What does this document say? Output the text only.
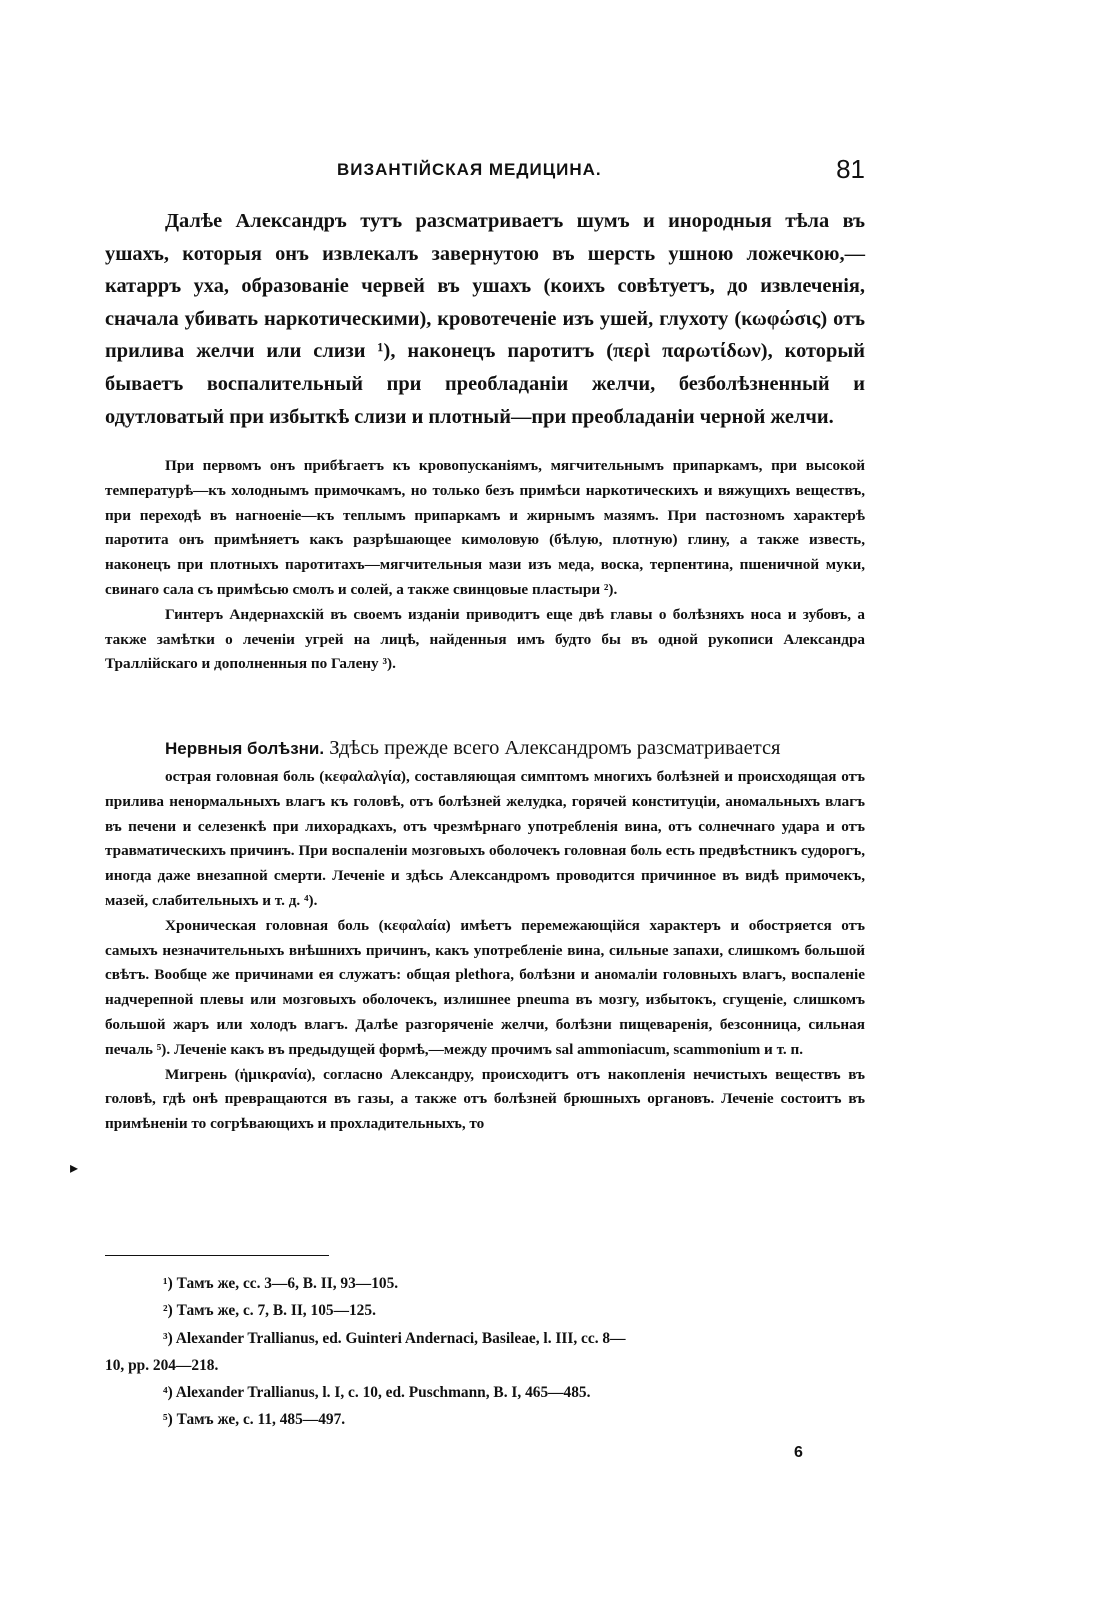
ВИЗАНТІЙСКАЯ МЕДИЦИНА.	81

Далѣе Александръ тутъ разсматриваетъ шумъ и инородныя тѣла въ ушахъ, которыя онъ извлекалъ завернутою въ шерсть ушною ложечкою,—катарръ уха, образованіе червей въ ушахъ (коихъ совѣтуетъ, до извлеченія, сначала убивать наркотическими), кровотеченіе изъ ушей, глухоту (κωφώσις) отъ прилива желчи или слизи ¹), наконецъ паротитъ (περὶ παρωτίδων), который бываетъ воспалительный при преобладаніи желчи, безболѣзненный и одутловатый при избыткѣ слизи и плотный—при преобладаніи черной желчи.

При первомъ онъ прибѣгаетъ къ кровопусканіямъ, мягчительнымъ припаркамъ, при высокой температурѣ—къ холоднымъ примочкамъ, но только безъ примѣси наркотическихъ и вяжущихъ веществъ, при переходѣ въ нагноеніе—къ теплымъ припаркамъ и жирнымъ мазямъ. При пастозномъ характерѣ паротита онъ примѣняетъ какъ разрѣшающее кимоловую (бѣлую, плотную) глину, а также известь, наконецъ при плотныхъ паротитахъ—мягчительныя мази изъ меда, воска, терпентина, пшеничной муки, свинаго сала съ примѣсью смолъ и солей, а также свинцовые пластыри ²).

Гинтеръ Андернахскій въ своемъ изданіи приводитъ еще двѣ главы о болѣзняхъ носа и зубовъ, а также замѣтки о леченіи угрей на лицѣ, найденныя имъ будто бы въ одной рукописи Александра Траллійскаго и дополненныя по Галену ³).

Нервныя болѣзни. Здѣсь прежде всего Александромъ разсматривается

острая головная боль (κεφαλαλγία), составляющая симптомъ многихъ болѣзней и происходящая отъ прилива ненормальныхъ влагъ къ головѣ, отъ болѣзней желудка, горячей конституціи, аномальныхъ влагъ въ печени и селезенкѣ при лихорадкахъ, отъ чрезмѣрнаго употребленія вина, отъ солнечнаго удара и отъ травматическихъ причинъ. При воспаленіи мозговыхъ оболочекъ головная боль есть предвѣстникъ судорогъ, иногда даже внезапной смерти. Леченіе и здѣсь Александромъ проводится причинное въ видѣ примочекъ, мазей, слабительныхъ и т. д. ⁴).

Хроническая головная боль (κεφαλαία) имѣетъ перемежающійся характеръ и обостряется отъ самыхъ незначительныхъ внѣшнихъ причинъ, какъ употребленіе вина, сильные запахи, слишкомъ большой свѣтъ. Вообще же причинами ея служатъ: общая plethora, болѣзни и аномаліи головныхъ влагъ, воспаленіе надчерепной плевы или мозговыхъ оболочекъ, излишнее pneuma въ мозгу, избытокъ, сгущеніе, слишкомъ большой жаръ или холодъ влагъ. Далѣе разгоряченіе желчи, болѣзни пищеваренія, безсонница, сильная печаль ⁵). Леченіе какъ въ предыдущей формѣ,—между прочимъ sal ammoniacum, scammonium и т. п.

Мигрень (ἡμικρανία), согласно Александру, происходитъ отъ накопленія нечистыхъ веществъ въ головѣ, гдѣ онѣ превращаются въ газы, а также отъ болѣзней брюшныхъ органовъ. Леченіе состоитъ въ примѣненіи то согрѣвающихъ и прохладительныхъ, то

▸

¹) Тамъ же, сс. 3—6, B. II, 93—105.

²) Тамъ же, с. 7, B. II, 105—125.

³) Alexander Trallianus, ed. Guinteri Andernaci, Basileae, l. III, cc. 8—

10, pp. 204—218.

⁴) Alexander Trallianus, l. I, c. 10, ed. Puschmann, B. I, 465—485.

⁵) Тамъ же, с. 11, 485—497.

6
